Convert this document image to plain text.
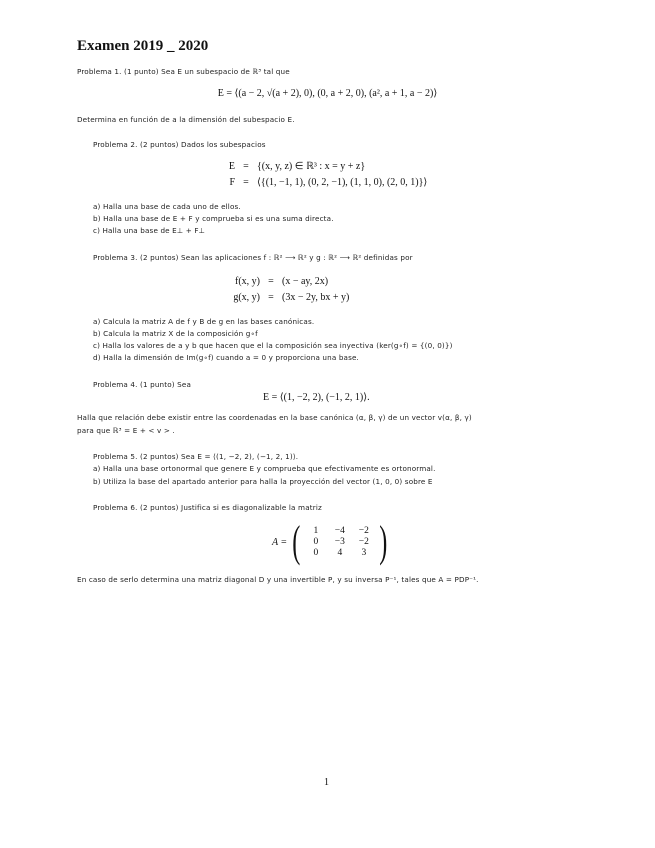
Examen 2019 _ 2020
Problema 1. (1 punto) Sea E un subespacio de ℝ³ tal que
E = ⟨(a − 2, √(a + 2), 0), (0, a + 2, 0), (a², a + 1, a − 2)⟩
Determina en función de a la dimensión del subespacio E.
Problema 2. (2 puntos) Dados los subespacios
E = {(x, y, z) ∈ ℝ³ : x = y + z}
F = ⟨{(1, −1, 1), (0, 2, −1), (1, 1, 0), (2, 0, 1)}⟩
a) Halla una base de cada uno de ellos.
b) Halla una base de E + F y comprueba si es una suma directa.
c) Halla una base de E⊥ + F⊥
Problema 3. (2 puntos) Sean las aplicaciones f : ℝ² ⟶ ℝ² y g : ℝ² ⟶ ℝ² definidas por
f(x, y) = (x − ay, 2x)
g(x, y) = (3x − 2y, bx + y)
a) Calcula la matriz A de f y B de g en las bases canónicas.
b) Calcula la matriz X de la composición g∘f
c) Halla los valores de a y b que hacen que el la composición sea inyectiva (ker(g∘f) = {(0, 0)})
d) Halla la dimensión de Im(g∘f) cuando a = 0 y proporciona una base.
Problema 4. (1 punto) Sea
E = ⟨(1, −2, 2), (−1, 2, 1)⟩.
Halla que relación debe existir entre las coordenadas en la base canónica (α, β, γ) de un vector v(α, β, γ)
para que ℝ³ = E + < v > .
Problema 5. (2 puntos) Sea E = ⟨(1, −2, 2), (−1, 2, 1)⟩.
a) Halla una base ortonormal que genere E y comprueba que efectivamente es ortonormal.
b) Utiliza la base del apartado anterior para halla la proyección del vector (1, 0, 0) sobre E
Problema 6. (2 puntos) Justifica si es diagonalizable la matriz
A = (	1	−4	−2
0	−3	−2
0	4	3 )
En caso de serlo determina una matriz diagonal D y una invertible P, y su inversa P⁻¹, tales que A = PDP⁻¹.
1
